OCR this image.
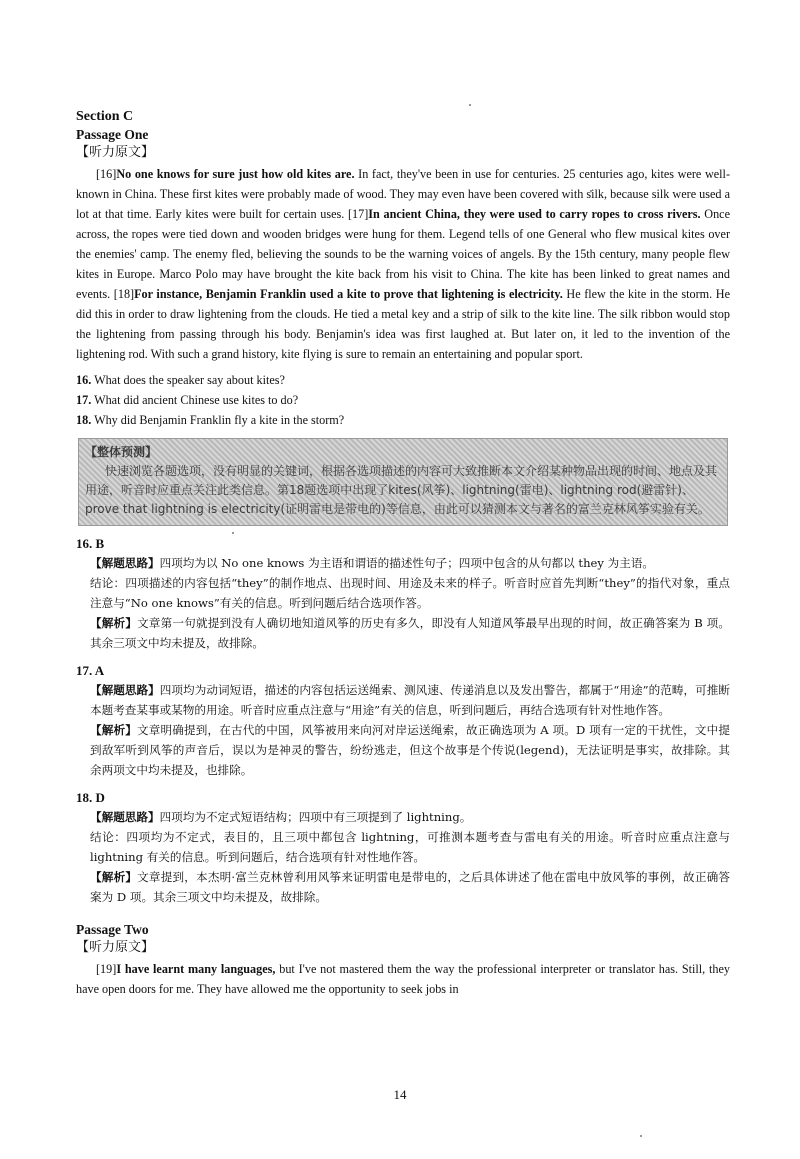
Section C

Passage One

【听力原文】

[16]No one knows for sure just how old kites are. In fact, they've been in use for centuries. 25 centuries ago, kites were well-known in China. These first kites were probably made of wood. They may even have been covered with silk, because silk were used a lot at that time. Early kites were built for certain uses. [17]In ancient China, they were used to carry ropes to cross rivers. Once across, the ropes were tied down and wooden bridges were hung for them. Legend tells of one General who flew musical kites over the enemies' camp. The enemy fled, believing the sounds to be the warning voices of angels. By the 15th century, many people flew kites in Europe. Marco Polo may have brought the kite back from his visit to China. The kite has been linked to great names and events. [18]For instance, Benjamin Franklin used a kite to prove that lightening is electricity. He flew the kite in the storm. He did this in order to draw lightening from the clouds. He tied a metal key and a strip of silk to the kite line. The silk ribbon would stop the lightening from passing through his body. Benjamin's idea was first laughed at. But later on, it led to the invention of the lightening rod. With such a grand history, kite flying is sure to remain an entertaining and popular sport.

16. What does the speaker say about kites?

17. What did ancient Chinese use kites to do?

18. Why did Benjamin Franklin fly a kite in the storm?

【整体预测】

快速浏览各题选项，没有明显的关键词，根据各选项描述的内容可大致推断本文介绍某种物品出现的时间、地点及其用途，听音时应重点关注此类信息。第18题选项中出现了kites(风筝)、lightning(雷电)、lightning rod(避雷针)、prove that lightning is electricity(证明雷电是带电的)等信息，由此可以猜测本文与著名的富兰克林风筝实验有关。

16. B

【解题思路】四项均为以 No one knows 为主语和谓语的描述性句子；四项中包含的从句都以 they 为主语。

结论：四项描述的内容包括“they”的制作地点、出现时间、用途及未来的样子。听音时应首先判断“they”的指代对象，重点注意与“No one knows”有关的信息。听到问题后结合选项作答。

【解析】文章第一句就提到没有人确切地知道风筝的历史有多久，即没有人知道风筝最早出现的时间，故正确答案为 B 项。其余三项文中均未提及，故排除。

17. A

【解题思路】四项均为动词短语，描述的内容包括运送绳索、测风速、传递消息以及发出警告，都属于“用途”的范畴，可推断本题考查某事或某物的用途。听音时应重点注意与“用途”有关的信息，听到问题后，再结合选项有针对性地作答。

【解析】文章明确提到，在古代的中国，风筝被用来向河对岸运送绳索，故正确选项为 A 项。D 项有一定的干扰性，文中提到敌军听到风筝的声音后，误以为是神灵的警告，纷纷逃走，但这个故事是个传说(legend)，无法证明是事实，故排除。其余两项文中均未提及，也排除。

18. D

【解题思路】四项均为不定式短语结构；四项中有三项提到了 lightning。

结论：四项均为不定式，表目的，且三项中都包含 lightning，可推测本题考查与雷电有关的用途。听音时应重点注意与 lightning 有关的信息。听到问题后，结合选项有针对性地作答。

【解析】文章提到，本杰明·富兰克林曾利用风筝来证明雷电是带电的，之后具体讲述了他在雷电中放风筝的事例，故正确答案为 D 项。其余三项文中均未提及，故排除。

Passage Two

【听力原文】

[19]I have learnt many languages, but I've not mastered them the way the professional interpreter or translator has. Still, they have open doors for me. They have allowed me the opportunity to seek jobs in

14
